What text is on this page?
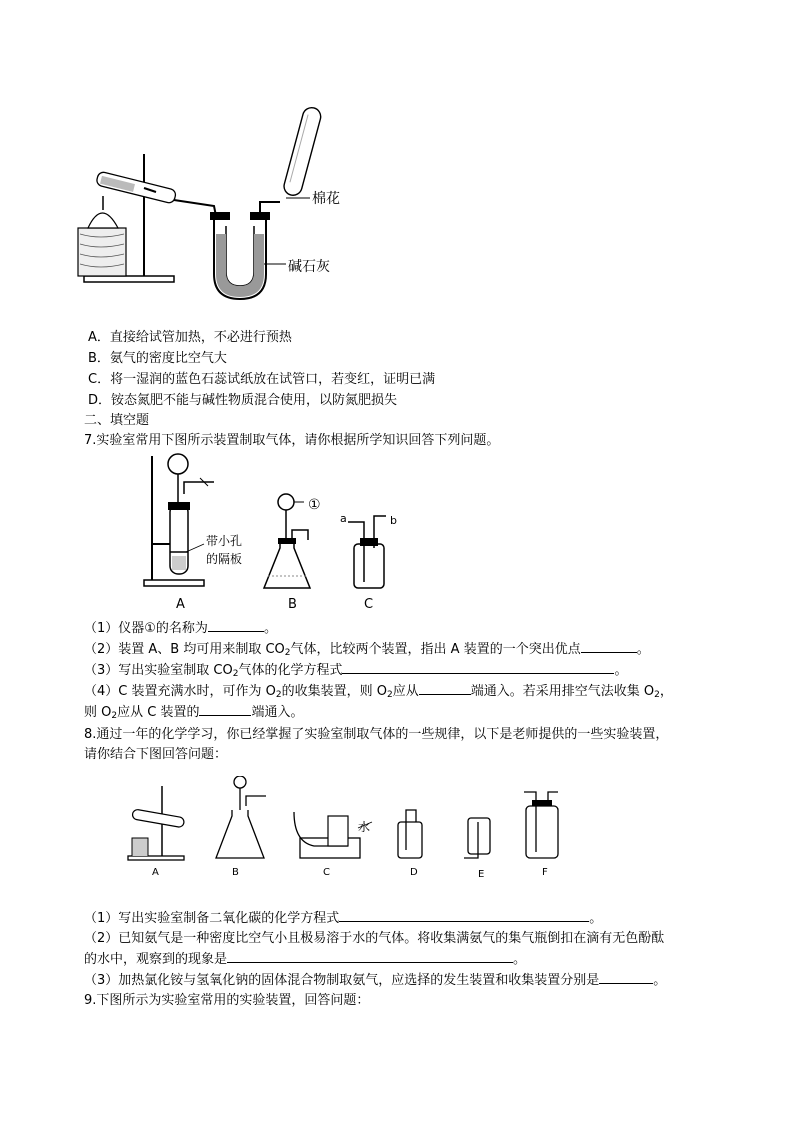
棉花
碱石灰
A．直接给试管加热，不必进行预热
B．氨气的密度比空气大
C．将一湿润的蓝色石蕊试纸放在试管口，若变红，证明已满
D．铵态氮肥不能与碱性物质混合使用，以防氮肥损失
二、填空题
7.实验室常用下图所示装置制取气体，请你根据所学知识回答下列问题。
带小孔
的隔板
①
a	b
A	B	C
（1）仪器①的名称为	。
（2）装置 A、B 均可用来制取 $CO_2$气体，比较两个装置，指出 A 装置的一个突出优点	。
（3）写出实验室制取 $CO_2$气体的化学方程式	。
（4）C 装置充满水时，可作为 $O_2$的收集装置，则 $O_2$应从	端通入。若采用排空气法收集 $O_2$，
则 $O_2$应从 C 装置的	端通入。
8.通过一年的化学学习，你已经掌握了实验室制取气体的一些规律，以下是老师提供的一些实验装置，
请你结合下图回答问题：
水
A	B	C	D	E	F
（1）写出实验室制备二氧化碳的化学方程式	。
（2）已知氨气是一种密度比空气小且极易溶于水的气体。将收集满氨气的集气瓶倒扣在滴有无色酚酞
的水中，观察到的现象是	。
（3）加热氯化铵与氢氧化钠的固体混合物制取氨气，应选择的发生装置和收集装置分别是	。
9.下图所示为实验室常用的实验装置，回答问题：
